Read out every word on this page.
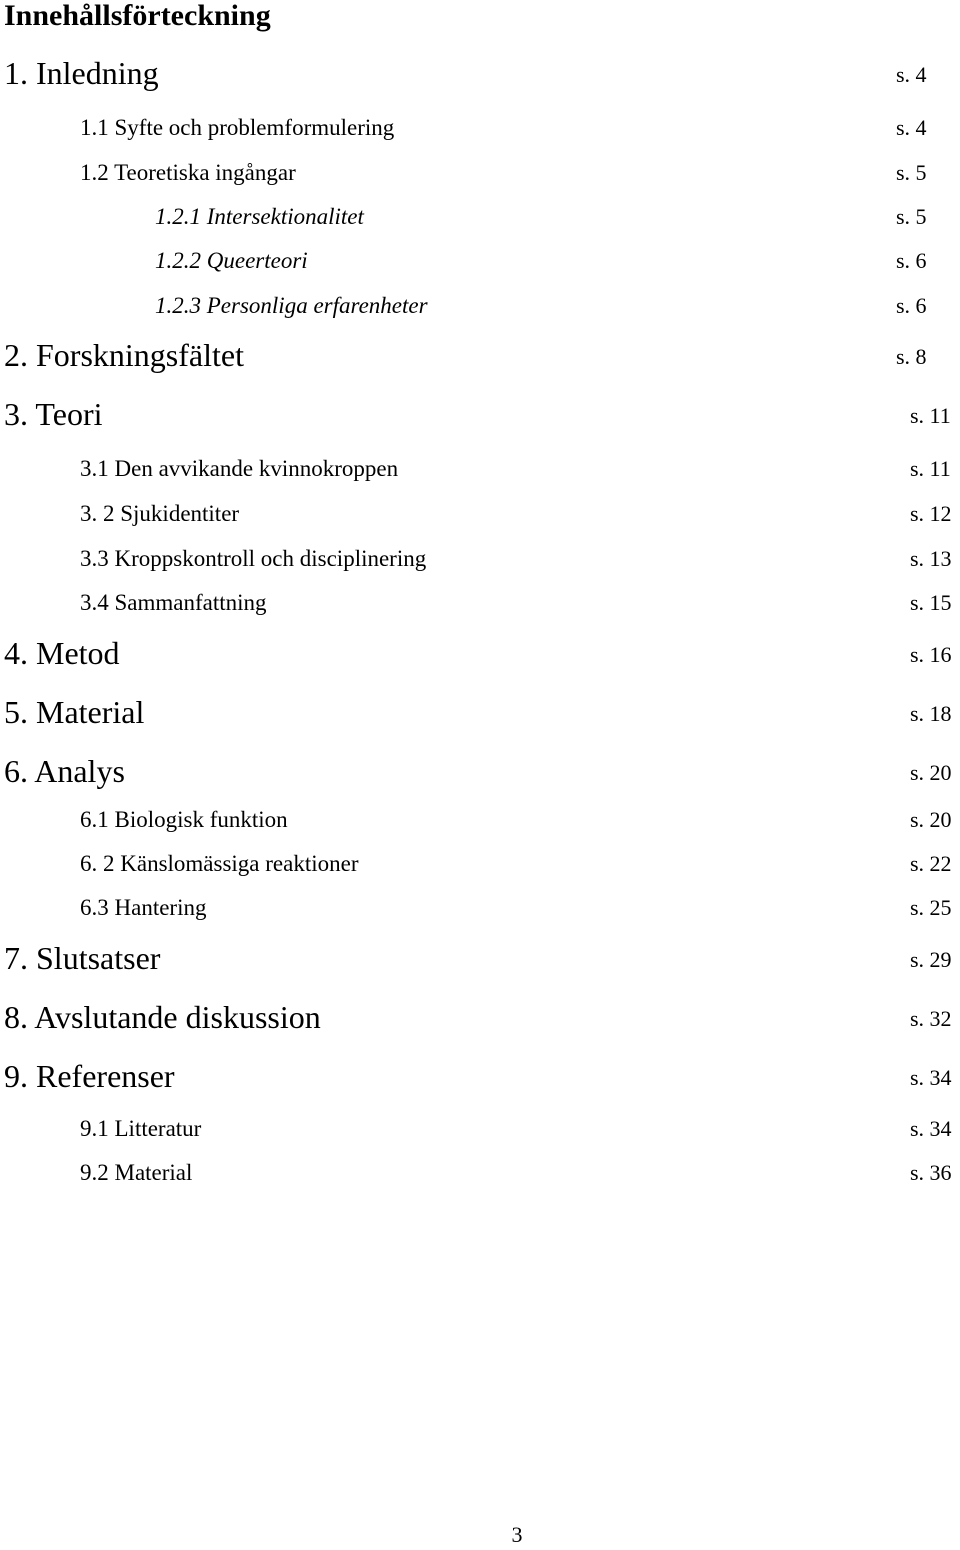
Innehållsförteckning
1. Inledning	s. 4
1.1 Syfte och problemformulering	s. 4
1.2 Teoretiska ingångar	s. 5
1.2.1 Intersektionalitet	s. 5
1.2.2 Queerteori	s. 6
1.2.3 Personliga erfarenheter	s. 6
2. Forskningsfältet	s. 8
3. Teori	s. 11
3.1 Den avvikande kvinnokroppen	s. 11
3. 2 Sjukidentiter	s. 12
3.3 Kroppskontroll och disciplinering	s. 13
3.4 Sammanfattning	s. 15
4. Metod	s. 16
5. Material	s. 18
6. Analys	s. 20
6.1 Biologisk funktion	s. 20
6. 2 Känslomässiga reaktioner	s. 22
6.3 Hantering	s. 25
7. Slutsatser	s. 29
8. Avslutande diskussion	s. 32
9. Referenser	s. 34
9.1 Litteratur	s. 34
9.2 Material	s. 36
3
